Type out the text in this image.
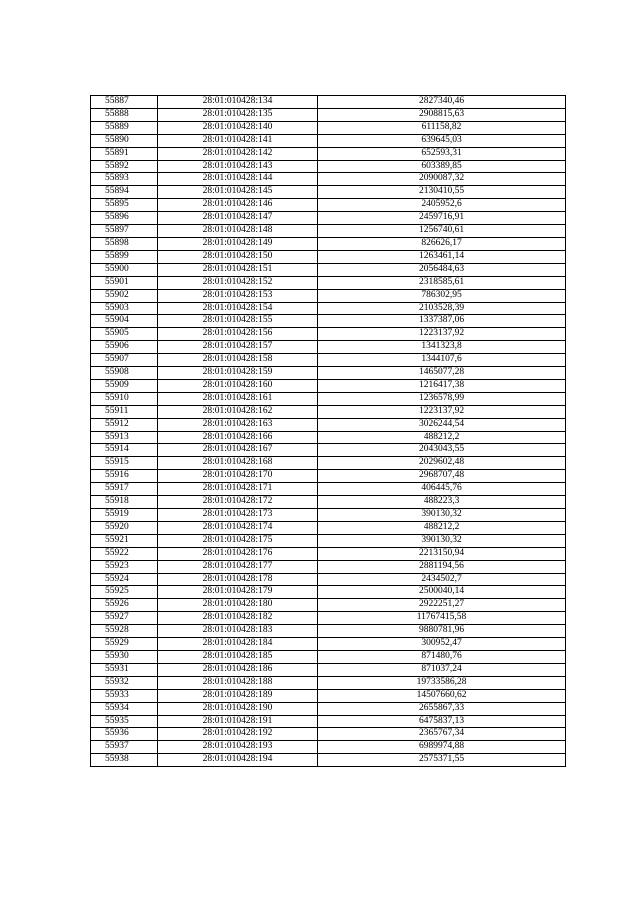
55887	28:01:010428:134	2827340,46
55888	28:01:010428:135	2908815,63
55889	28:01:010428:140	611158,82
55890	28:01:010428:141	639645,03
55891	28:01:010428:142	652593,31
55892	28:01:010428:143	603389,85
55893	28:01:010428:144	2090087,32
55894	28:01:010428:145	2130410,55
55895	28:01:010428:146	2405952,6
55896	28:01:010428:147	2459716,91
55897	28:01:010428:148	1256740,61
55898	28:01:010428:149	826626,17
55899	28:01:010428:150	1263461,14
55900	28:01:010428:151	2056484,63
55901	28:01:010428:152	2318585,61
55902	28:01:010428:153	786302,95
55903	28:01:010428:154	2103528,39
55904	28:01:010428:155	1337387,06
55905	28:01:010428:156	1223137,92
55906	28:01:010428:157	1341323,8
55907	28:01:010428:158	1344107,6
55908	28:01:010428:159	1465077,28
55909	28:01:010428:160	1216417,38
55910	28:01:010428:161	1236578,99
55911	28:01:010428:162	1223137,92
55912	28:01:010428:163	3026244,54
55913	28:01:010428:166	488212,2
55914	28:01:010428:167	2043043,55
55915	28:01:010428:168	2029602,48
55916	28:01:010428:170	2968707,48
55917	28:01:010428:171	406445,76
55918	28:01:010428:172	488223,3
55919	28:01:010428:173	390130,32
55920	28:01:010428:174	488212,2
55921	28:01:010428:175	390130,32
55922	28:01:010428:176	2213150,94
55923	28:01:010428:177	2881194,56
55924	28:01:010428:178	2434502,7
55925	28:01:010428:179	2500040,14
55926	28:01:010428:180	2922251,27
55927	28:01:010428:182	11767415,58
55928	28:01:010428:183	9880781,96
55929	28:01:010428:184	300952,47
55930	28:01:010428:185	871480,76
55931	28:01:010428:186	871037,24
55932	28:01:010428:188	19733586,28
55933	28:01:010428:189	14507660,62
55934	28:01:010428:190	2655867,33
55935	28:01:010428:191	6475837,13
55936	28:01:010428:192	2365767,34
55937	28:01:010428:193	6989974,88
55938	28:01:010428:194	2575371,55
